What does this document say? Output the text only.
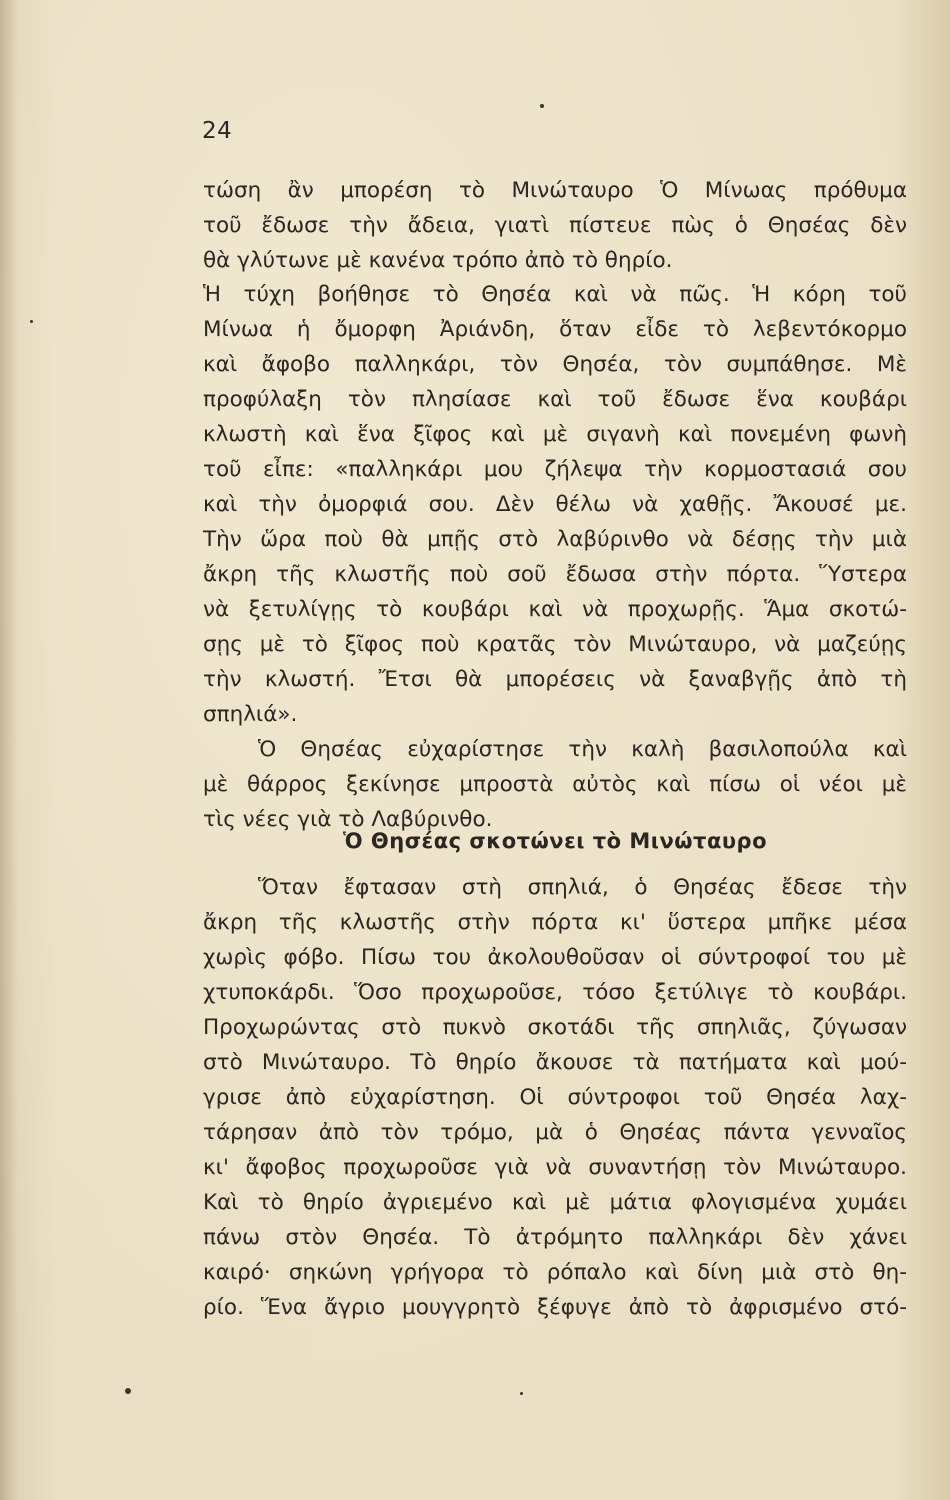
24

τώση ἂν μπορέση τὸ Μινώταυρο Ὁ Μίνωας πρόθυμα

τοῦ ἔδωσε τὴν ἄδεια, γιατὶ πίστευε πὼς ὁ Θησέας δὲν

θὰ γλύτωνε μὲ κανένα τρόπο ἀπὸ τὸ θηρίο.

Ἡ τύχη βοήθησε τὸ Θησέα καὶ νὰ πῶς. Ἡ κόρη τοῦ

Μίνωα ἡ ὄμορφη Ἀριάνδη, ὅταν εἶδε τὸ λεβεντόκορμο

καὶ ἄφοβο παλληκάρι, τὸν Θησέα, τὸν συμπάθησε. Μὲ

προφύλαξη τὸν πλησίασε καὶ τοῦ ἔδωσε ἕνα κουβάρι

κλωστὴ καὶ ἕνα ξῖφος καὶ μὲ σιγανὴ καὶ πονεμένη φωνὴ

τοῦ εἶπε: «παλληκάρι μου ζήλεψα τὴν κορμοστασιά σου

καὶ τὴν ὀμορφιά σου. Δὲν θέλω νὰ χαθῇς. Ἄκουσέ με.

Τὴν ὥρα ποὺ θὰ μπῇς στὸ λαβύρινθο νὰ δέσῃς τὴν μιὰ

ἄκρη τῆς κλωστῆς ποὺ σοῦ ἔδωσα στὴν πόρτα. Ὕστερα

νὰ ξετυλίγῃς τὸ κουβάρι καὶ νὰ προχωρῇς. Ἅμα σκοτώ-

σῃς μὲ τὸ ξῖφος ποὺ κρατᾶς τὸν Μινώταυρο, νὰ μαζεύῃς

τὴν κλωστή. Ἔτσι θὰ μπορέσεις νὰ ξαναβγῇς ἀπὸ τὴ

σπηλιά».

Ὁ Θησέας εὐχαρίστησε τὴν καλὴ βασιλοπούλα καὶ

μὲ θάρρος ξεκίνησε μπροστὰ αὐτὸς καὶ πίσω οἱ νέοι μὲ

τὶς νέες γιὰ τὸ Λαβύρινθο.

Ὁ Θησέας σκοτώνει τὸ Μινώταυρο

Ὅταν ἔφτασαν στὴ σπηλιά, ὁ Θησέας ἔδεσε τὴν

ἄκρη τῆς κλωστῆς στὴν πόρτα κι' ὕστερα μπῆκε μέσα

χωρὶς φόβο. Πίσω του ἀκολουθοῦσαν οἱ σύντροφοί του μὲ

χτυποκάρδι. Ὅσο προχωροῦσε, τόσο ξετύλιγε τὸ κουβάρι.

Προχωρώντας στὸ πυκνὸ σκοτάδι τῆς σπηλιᾶς, ζύγωσαν

στὸ Μινώταυρο. Τὸ θηρίο ἄκουσε τὰ πατήματα καὶ μού-

γρισε ἀπὸ εὐχαρίστηση. Οἱ σύντροφοι τοῦ Θησέα λαχ-

τάρησαν ἀπὸ τὸν τρόμο, μὰ ὁ Θησέας πάντα γενναῖος

κι' ἄφοβος προχωροῦσε γιὰ νὰ συναντήσῃ τὸν Μινώταυρο.

Καὶ τὸ θηρίο ἀγριεμένο καὶ μὲ μάτια φλογισμένα χυμάει

πάνω στὸν Θησέα. Τὸ ἀτρόμητο παλληκάρι δὲν χάνει

καιρό· σηκώνη γρήγορα τὸ ρόπαλο καὶ δίνη μιὰ στὸ θη-

ρίο. Ἕνα ἄγριο μουγγρητὸ ξέφυγε ἀπὸ τὸ ἀφρισμένο στό-
